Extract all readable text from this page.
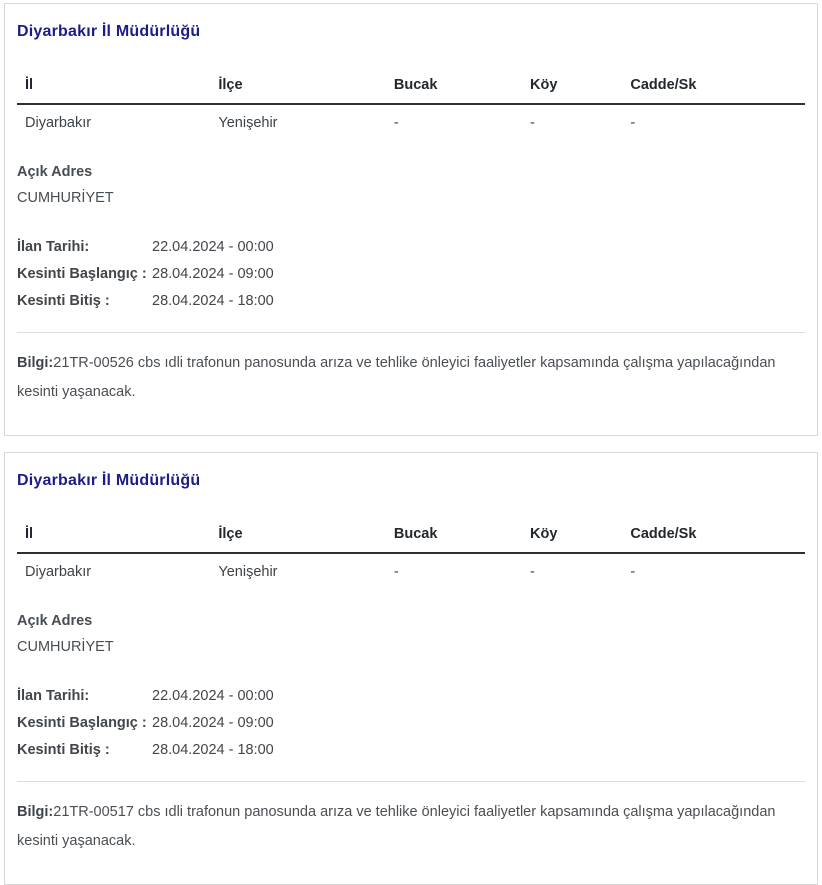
Diyarbakır İl Müdürlüğü
İl	İlçe	Bucak	Köy	Cadde/Sk
Diyarbakır	Yenişehir	-	-	-
Açık Adres
CUMHURİYET
İlan Tarihi:	22.04.2024 - 00:00
Kesinti Başlangıç : 28.04.2024 - 09:00
Kesinti Bitiş :	28.04.2024 - 18:00

Bilgi:21TR-00526 cbs ıdli trafonun panosunda arıza ve tehlike önleyici faaliyetler kapsamında çalışma yapılacağından kesinti yaşanacak.

Diyarbakır İl Müdürlüğü
İl	İlçe	Bucak	Köy	Cadde/Sk
Diyarbakır	Yenişehir	-	-	-
Açık Adres
CUMHURİYET
İlan Tarihi:	22.04.2024 - 00:00
Kesinti Başlangıç : 28.04.2024 - 09:00
Kesinti Bitiş :	28.04.2024 - 18:00

Bilgi:21TR-00517 cbs ıdli trafonun panosunda arıza ve tehlike önleyici faaliyetler kapsamında çalışma yapılacağından kesinti yaşanacak.
